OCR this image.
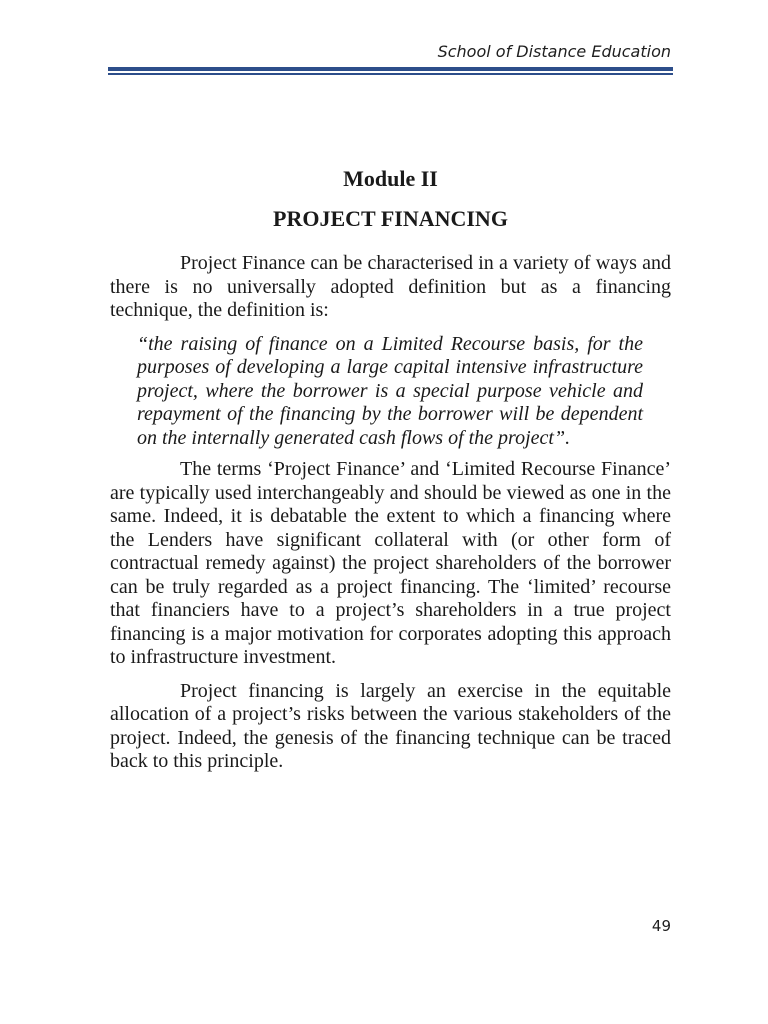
School of Distance Education
Module II
PROJECT FINANCING

Project Finance can be characterised in a variety of ways and there is no universally adopted definition but as a financing technique, the definition is:

“the raising of finance on a Limited Recourse basis, for the purposes of developing a large capital intensive infrastructure project, where the borrower is a special purpose vehicle and repayment of the financing by the borrower will be dependent on the internally generated cash flows of the project”.

The terms ‘Project Finance’ and ‘Limited Recourse Finance’ are typically used interchangeably and should be viewed as one in the same. Indeed, it is debatable the extent to which a financing where the Lenders have significant collateral with (or other form of contractual remedy against) the project shareholders of the borrower can be truly regarded as a project financing. The ‘limited’ recourse that financiers have to a project’s shareholders in a true project financing is a major motivation for corporates adopting this approach to infrastructure investment.

Project financing is largely an exercise in the equitable allocation of a project’s risks between the various stakeholders of the project. Indeed, the genesis of the financing technique can be traced back to this principle.

49
